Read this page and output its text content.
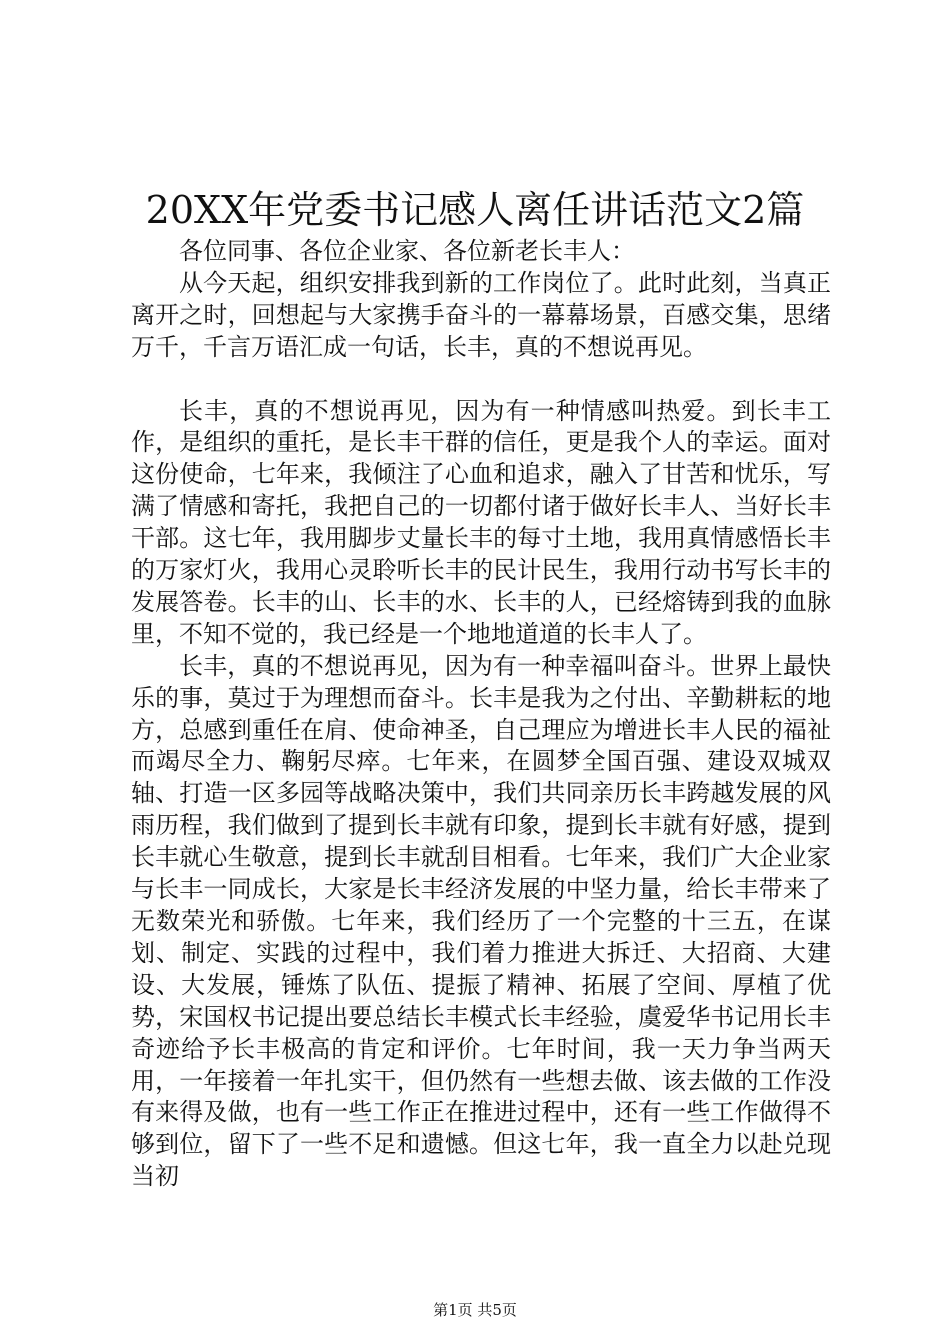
20XX年党委书记感人离任讲话范文2篇

各位同事、各位企业家、各位新老长丰人：

从今天起，组织安排我到新的工作岗位了。此时此刻，当真正离开之时，回想起与大家携手奋斗的一幕幕场景，百感交集，思绪万千，千言万语汇成一句话，长丰，真的不想说再见。

长丰，真的不想说再见，因为有一种情感叫热爱。到长丰工作，是组织的重托，是长丰干群的信任，更是我个人的幸运。面对这份使命，七年来，我倾注了心血和追求，融入了甘苦和忧乐，写满了情感和寄托，我把自己的一切都付诸于做好长丰人、当好长丰干部。这七年，我用脚步丈量长丰的每寸土地，我用真情感悟长丰的万家灯火，我用心灵聆听长丰的民计民生，我用行动书写长丰的发展答卷。长丰的山、长丰的水、长丰的人，已经熔铸到我的血脉里，不知不觉的，我已经是一个地地道道的长丰人了。

长丰，真的不想说再见，因为有一种幸福叫奋斗。世界上最快乐的事，莫过于为理想而奋斗。长丰是我为之付出、辛勤耕耘的地方，总感到重任在肩、使命神圣，自己理应为增进长丰人民的福祉而竭尽全力、鞠躬尽瘁。七年来，在圆梦全国百强、建设双城双轴、打造一区多园等战略决策中，我们共同亲历长丰跨越发展的风雨历程，我们做到了提到长丰就有印象，提到长丰就有好感，提到长丰就心生敬意，提到长丰就刮目相看。七年来，我们广大企业家与长丰一同成长，大家是长丰经济发展的中坚力量，给长丰带来了无数荣光和骄傲。七年来，我们经历了一个完整的十三五，在谋划、制定、实践的过程中，我们着力推进大拆迁、大招商、大建设、大发展，锤炼了队伍、提振了精神、拓展了空间、厚植了优势，宋国权书记提出要总结长丰模式长丰经验，虞爱华书记用长丰奇迹给予长丰极高的肯定和评价。七年时间，我一天力争当两天用，一年接着一年扎实干，但仍然有一些想去做、该去做的工作没有来得及做，也有一些工作正在推进过程中，还有一些工作做得不够到位，留下了一些不足和遗憾。但这七年，我一直全力以赴兑现当初

第1页 共5页
